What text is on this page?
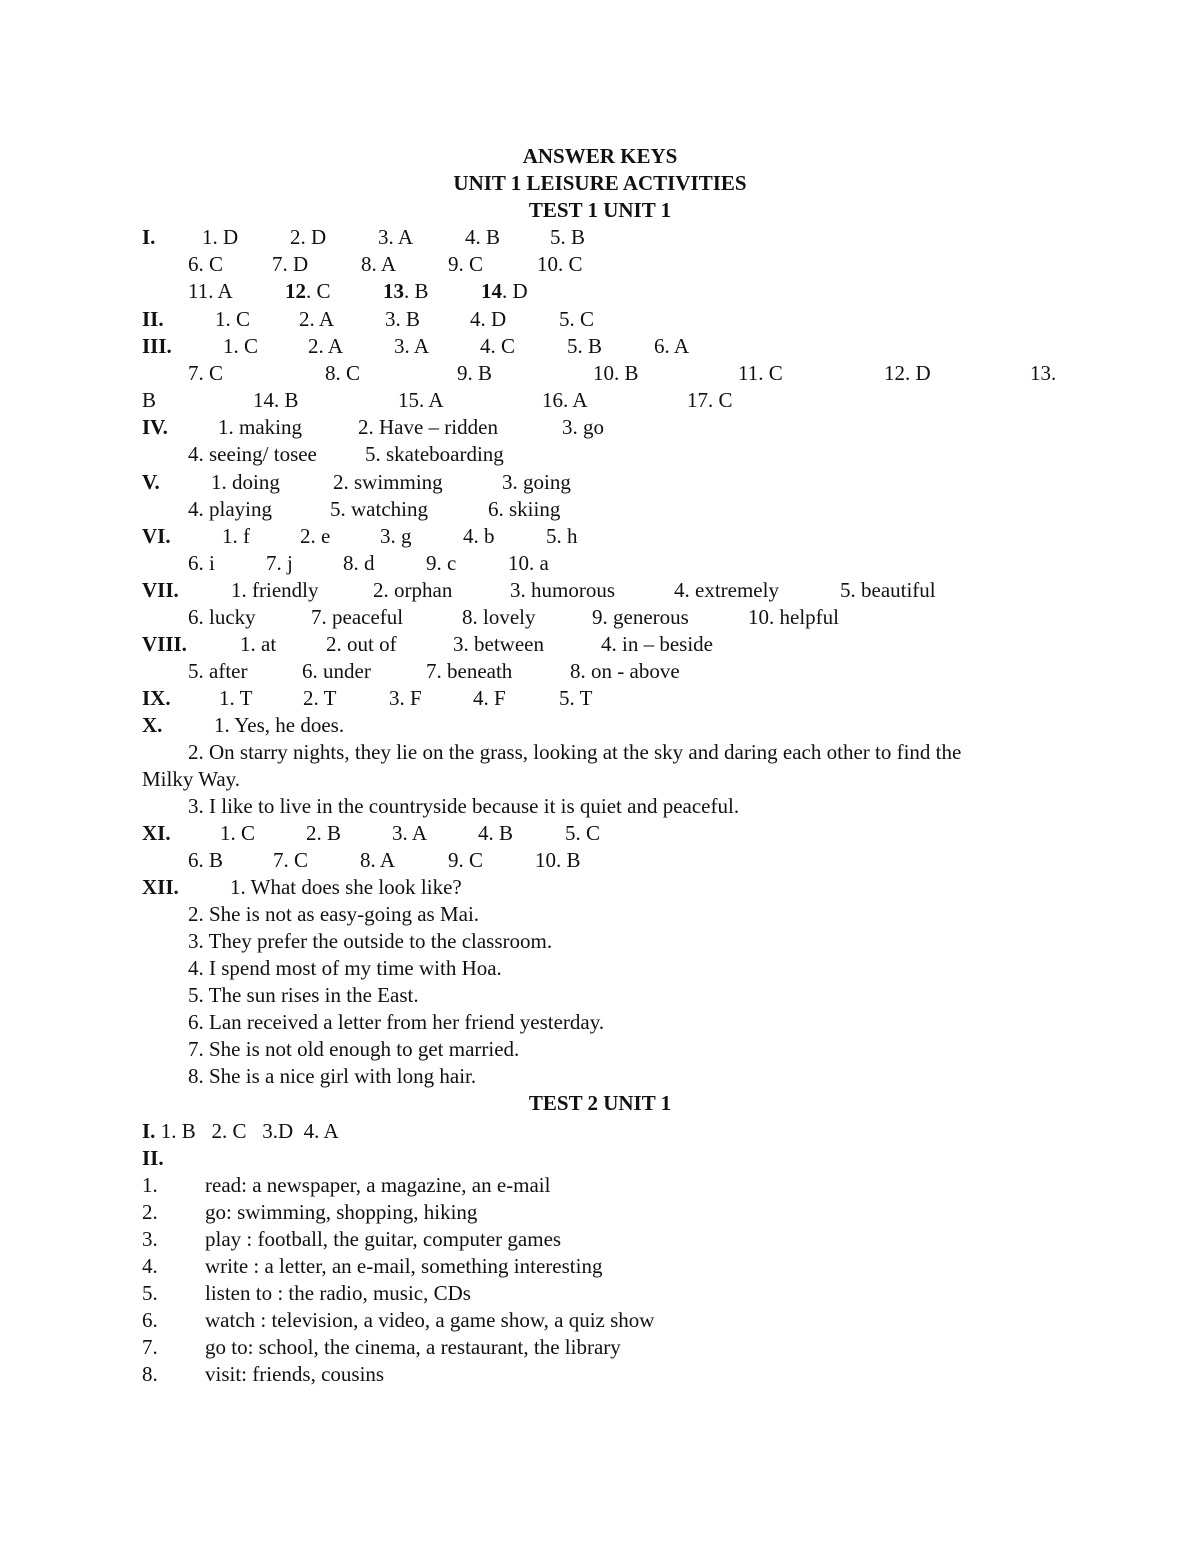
ANSWER KEYS
UNIT 1 LEISURE ACTIVITIES
TEST 1 UNIT 1
I. 1. D 2. D 3. A 4. B 5. B
6. C 7. D	8. A 9. C	10. C
11. A 12. C 13. B 14. D
II. 1. C 2. A 3. B 4. D	5. C
III. 1. C 2. A 3. A 4. C 5. B 6. A
7. C	8. C	9. B	10. B	11. C	12. D	13.
B	14. B	15. A	16. A	17. C
IV. 1. making	2. Have – ridden	3. go
4. seeing/ tosee 5. skateboarding
V. 1. doing	2. swimming	3. going
4. playing	5. watching	6. skiing
VI. 1. f 2. e 3. g 4. b 5. h
6. i 7. j 8. d 9. c 10. a
VII. 1. friendly	2. orphan	3. humorous	4. extremely	5. beautiful
6. lucky	7. peaceful	8. lovely	9. generous	10. helpful
VIII.	1. at 2. out of	3. between	4. in – beside
5. after	6. under	7. beneath	8. on - above
IX. 1. T 2. T	3. F 4. F	5. T
X. 1. Yes, he does.
2. On starry nights, they lie on the grass, looking at the sky and daring each other to find the
Milky Way.
3. I like to live in the countryside because it is quiet and peaceful.
XI. 1. C 2. B 3. A 4. B 5. C
6. B 7. C 8. A	9. C 10. B
XII. 1. What does she look like?
2. She is not as easy-going as Mai.
3. They prefer the outside to the classroom.
4. I spend most of my time with Hoa.
5. The sun rises in the East.
6. Lan received a letter from her friend yesterday.
7. She is not old enough to get married.
8. She is a nice girl with long hair.
TEST 2 UNIT 1
I. 1. B   2. C   3.D  4. A
II.
1. read: a newspaper, a magazine, an e-mail
2. go: swimming, shopping, hiking
3. play : football, the guitar, computer games
4. write : a letter, an e-mail, something interesting
5. listen to : the radio, music, CDs
6. watch : television, a video, a game show, a quiz show
7. go to: school, the cinema, a restaurant, the library
8. visit: friends, cousins
